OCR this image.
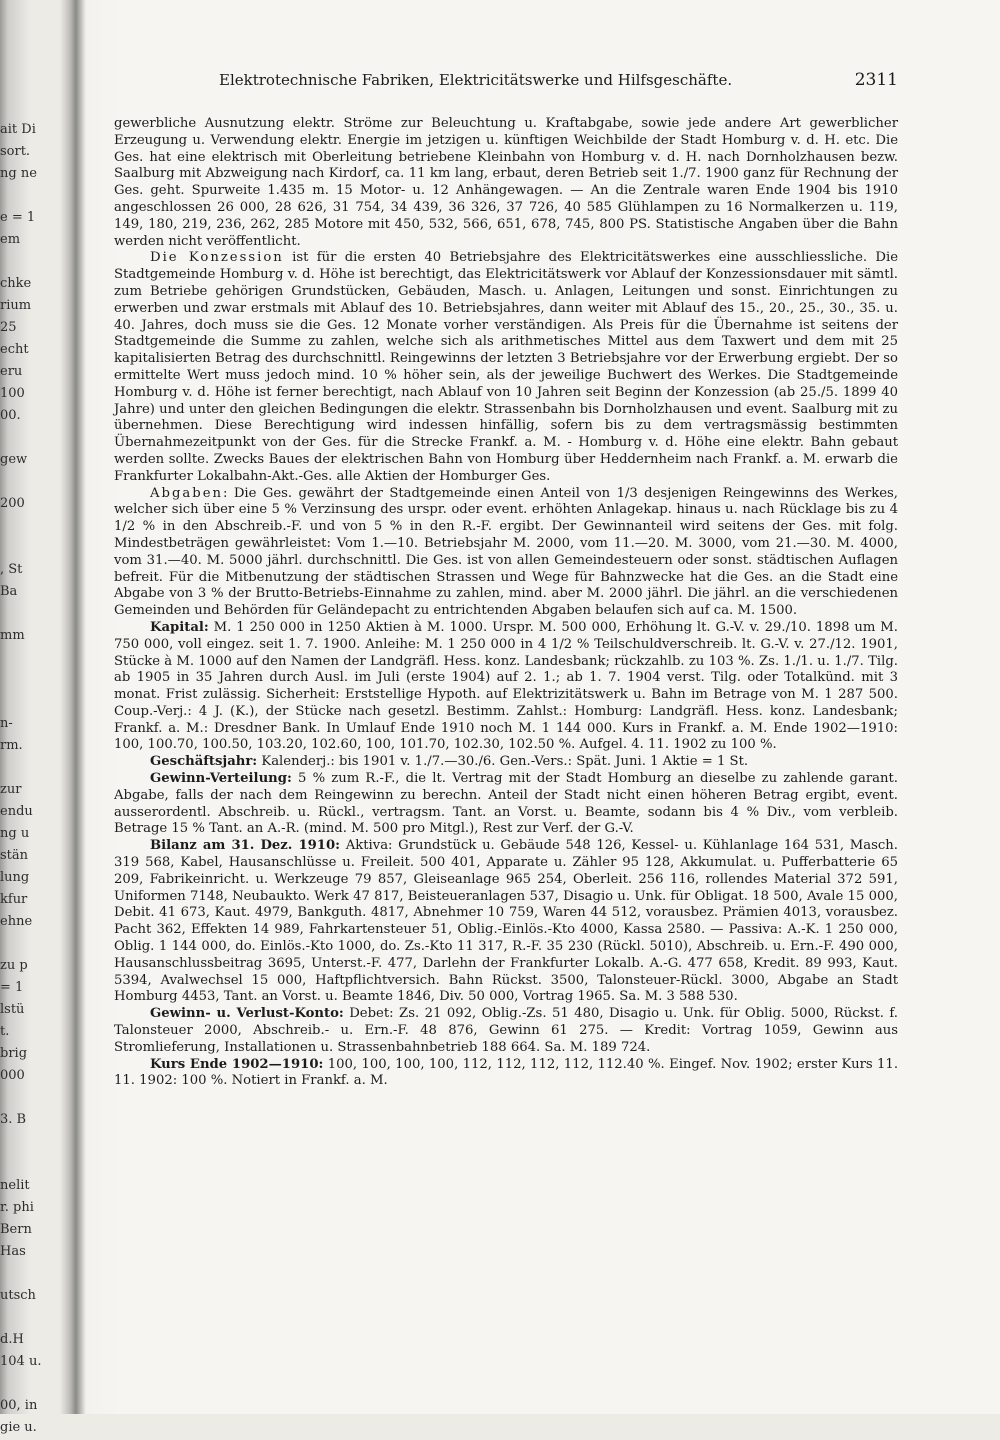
ait Di
sort.
ng ne
e = 1
em
chke
rium
25
echt
eru
100
00.
gew
200
, St
Ba
mm
n-
rm.
zur
endu
ng u
stän
lung
kfur
ehne
zu p
= 1
lstü
t.
brig
000
3. B
nelit
r. phi
Bern
Has
utsch
d.H
104 u.
00, in
gie u.
Elektrotechnische Fabriken, Elektricitätswerke und Hilfsgeschäfte.	2311

gewerbliche Ausnutzung elektr. Ströme zur Beleuchtung u. Kraftabgabe, sowie jede andere Art gewerblicher Erzeugung u. Verwendung elektr. Energie im jetzigen u. künftigen Weichbilde der Stadt Homburg v. d. H. etc. Die Ges. hat eine elektrisch mit Oberleitung betriebene Kleinbahn von Homburg v. d. H. nach Dornholzhausen bezw. Saalburg mit Abzweigung nach Kirdorf, ca. 11 km lang, erbaut, deren Betrieb seit 1./7. 1900 ganz für Rechnung der Ges. geht. Spurweite 1.435 m. 15 Motor- u. 12 Anhängewagen. — An die Zentrale waren Ende 1904 bis 1910 angeschlossen 26 000, 28 626, 31 754, 34 439, 36 326, 37 726, 40 585 Glühlampen zu 16 Normalkerzen u. 119, 149, 180, 219, 236, 262, 285 Motore mit 450, 532, 566, 651, 678, 745, 800 PS. Statistische Angaben über die Bahn werden nicht veröffentlicht.

Die Konzession ist für die ersten 40 Betriebsjahre des Elektricitätswerkes eine ausschliessliche. Die Stadtgemeinde Homburg v. d. Höhe ist berechtigt, das Elektricitätswerk vor Ablauf der Konzessionsdauer mit sämtl. zum Betriebe gehörigen Grundstücken, Gebäuden, Masch. u. Anlagen, Leitungen und sonst. Einrichtungen zu erwerben und zwar erstmals mit Ablauf des 10. Betriebsjahres, dann weiter mit Ablauf des 15., 20., 25., 30., 35. u. 40. Jahres, doch muss sie die Ges. 12 Monate vorher verständigen. Als Preis für die Übernahme ist seitens der Stadtgemeinde die Summe zu zahlen, welche sich als arithmetisches Mittel aus dem Taxwert und dem mit 25 kapitalisierten Betrag des durchschnittl. Reingewinns der letzten 3 Betriebsjahre vor der Erwerbung ergiebt. Der so ermittelte Wert muss jedoch mind. 10 % höher sein, als der jeweilige Buchwert des Werkes. Die Stadtgemeinde Homburg v. d. Höhe ist ferner berechtigt, nach Ablauf von 10 Jahren seit Beginn der Konzession (ab 25./5. 1899 40 Jahre) und unter den gleichen Bedingungen die elektr. Strassenbahn bis Dornholzhausen und event. Saalburg mit zu übernehmen. Diese Berechtigung wird indessen hinfällig, sofern bis zu dem vertragsmässig bestimmten Übernahmezeitpunkt von der Ges. für die Strecke Frankf. a. M. - Homburg v. d. Höhe eine elektr. Bahn gebaut werden sollte. Zwecks Baues der elektrischen Bahn von Homburg über Heddernheim nach Frankf. a. M. erwarb die Frankfurter Lokalbahn-Akt.-Ges. alle Aktien der Homburger Ges.

Abgaben: Die Ges. gewährt der Stadtgemeinde einen Anteil von 1/3 desjenigen Reingewinns des Werkes, welcher sich über eine 5 % Verzinsung des urspr. oder event. erhöhten Anlagekap. hinaus u. nach Rücklage bis zu 4 1/2 % in den Abschreib.-F. und von 5 % in den R.-F. ergibt. Der Gewinnanteil wird seitens der Ges. mit folg. Mindestbeträgen gewährleistet: Vom 1.—10. Betriebsjahr M. 2000, vom 11.—20. M. 3000, vom 21.—30. M. 4000, vom 31.—40. M. 5000 jährl. durchschnittl. Die Ges. ist von allen Gemeindesteuern oder sonst. städtischen Auflagen befreit. Für die Mitbenutzung der städtischen Strassen und Wege für Bahnzwecke hat die Ges. an die Stadt eine Abgabe von 3 % der Brutto-Betriebs-Einnahme zu zahlen, mind. aber M. 2000 jährl. Die jährl. an die verschiedenen Gemeinden und Behörden für Geländepacht zu entrichtenden Abgaben belaufen sich auf ca. M. 1500.

Kapital: M. 1 250 000 in 1250 Aktien à M. 1000. Urspr. M. 500 000, Erhöhung lt. G.-V. v. 29./10. 1898 um M. 750 000, voll eingez. seit 1. 7. 1900. Anleihe: M. 1 250 000 in 4 1/2 % Teilschuldverschreib. lt. G.-V. v. 27./12. 1901, Stücke à M. 1000 auf den Namen der Landgräfl. Hess. konz. Landesbank; rückzahlb. zu 103 %. Zs. 1./1. u. 1./7. Tilg. ab 1905 in 35 Jahren durch Ausl. im Juli (erste 1904) auf 2. 1.; ab 1. 7. 1904 verst. Tilg. oder Totalkünd. mit 3 monat. Frist zulässig. Sicherheit: Erststellige Hypoth. auf Elektrizitätswerk u. Bahn im Betrage von M. 1 287 500. Coup.-Verj.: 4 J. (K.), der Stücke nach gesetzl. Bestimm. Zahlst.: Homburg: Landgräfl. Hess. konz. Landesbank; Frankf. a. M.: Dresdner Bank. In Umlauf Ende 1910 noch M. 1 144 000. Kurs in Frankf. a. M. Ende 1902—1910: 100, 100.70, 100.50, 103.20, 102.60, 100, 101.70, 102.30, 102.50 %. Aufgel. 4. 11. 1902 zu 100 %.

Geschäftsjahr: Kalenderj.: bis 1901 v. 1./7.—30./6. Gen.-Vers.: Spät. Juni. 1 Aktie = 1 St.

Gewinn-Verteilung: 5 % zum R.-F., die lt. Vertrag mit der Stadt Homburg an dieselbe zu zahlende garant. Abgabe, falls der nach dem Reingewinn zu berechn. Anteil der Stadt nicht einen höheren Betrag ergibt, event. ausserordentl. Abschreib. u. Rückl., vertragsm. Tant. an Vorst. u. Beamte, sodann bis 4 % Div., vom verbleib. Betrage 15 % Tant. an A.-R. (mind. M. 500 pro Mitgl.), Rest zur Verf. der G.-V.

Bilanz am 31. Dez. 1910: Aktiva: Grundstück u. Gebäude 548 126, Kessel- u. Kühlanlage 164 531, Masch. 319 568, Kabel, Hausanschlüsse u. Freileit. 500 401, Apparate u. Zähler 95 128, Akkumulat. u. Pufferbatterie 65 209, Fabrikeinricht. u. Werkzeuge 79 857, Gleiseanlage 965 254, Oberleit. 256 116, rollendes Material 372 591, Uniformen 7148, Neubaukto. Werk 47 817, Beisteueranlagen 537, Disagio u. Unk. für Obligat. 18 500, Avale 15 000, Debit. 41 673, Kaut. 4979, Bankguth. 4817, Abnehmer 10 759, Waren 44 512, vorausbez. Prämien 4013, vorausbez. Pacht 362, Effekten 14 989, Fahrkartensteuer 51, Oblig.-Einlös.-Kto 4000, Kassa 2580. — Passiva: A.-K. 1 250 000, Oblig. 1 144 000, do. Einlös.-Kto 1000, do. Zs.-Kto 11 317, R.-F. 35 230 (Rückl. 5010), Abschreib. u. Ern.-F. 490 000, Hausanschlussbeitrag 3695, Unterst.-F. 477, Darlehn der Frankfurter Lokalb. A.-G. 477 658, Kredit. 89 993, Kaut. 5394, Avalwechsel 15 000, Haftpflichtversich. Bahn Rückst. 3500, Talonsteuer-Rückl. 3000, Abgabe an Stadt Homburg 4453, Tant. an Vorst. u. Beamte 1846, Div. 50 000, Vortrag 1965. Sa. M. 3 588 530.

Gewinn- u. Verlust-Konto: Debet: Zs. 21 092, Oblig.-Zs. 51 480, Disagio u. Unk. für Oblig. 5000, Rückst. f. Talonsteuer 2000, Abschreib.- u. Ern.-F. 48 876, Gewinn 61 275. — Kredit: Vortrag 1059, Gewinn aus Stromlieferung, Installationen u. Strassenbahnbetrieb 188 664. Sa. M. 189 724.

Kurs Ende 1902—1910: 100, 100, 100, 100, 112, 112, 112, 112, 112.40 %. Eingef. Nov. 1902; erster Kurs 11. 11. 1902: 100 %. Notiert in Frankf. a. M.
